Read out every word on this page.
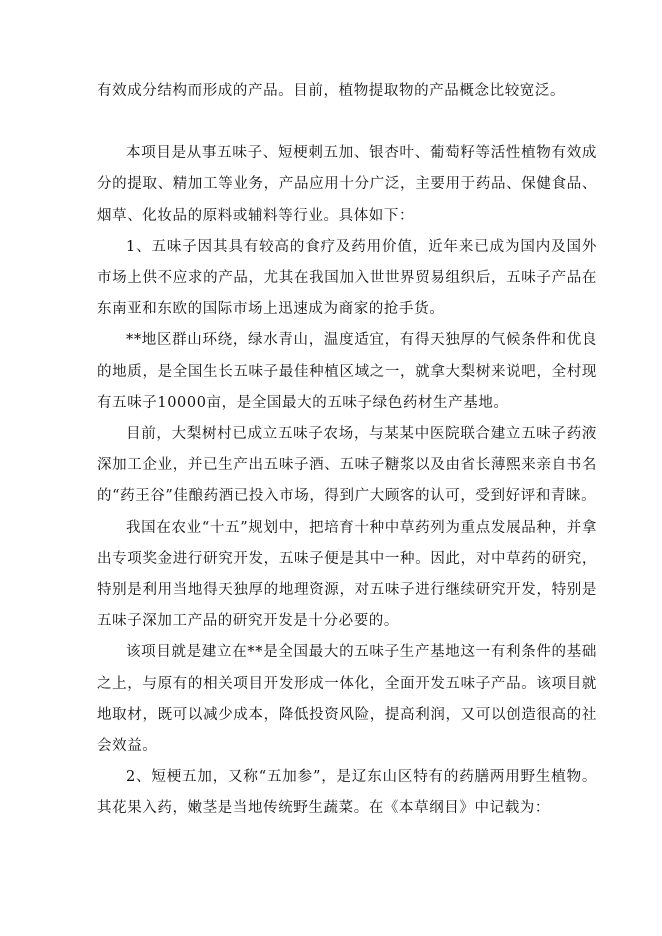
有效成分结构而形成的产品。目前，植物提取物的产品概念比较宽泛。

本项目是从事五味子、短梗刺五加、银杏叶、葡萄籽等活性植物有效成分的提取、精加工等业务，产品应用十分广泛，主要用于药品、保健食品、烟草、化妆品的原料或辅料等行业。具体如下：

1、五味子因其具有较高的食疗及药用价值，近年来已成为国内及国外市场上供不应求的产品，尤其在我国加入世世界贸易组织后，五味子产品在东南亚和东欧的国际市场上迅速成为商家的抢手货。

**地区群山环绕，绿水青山，温度适宜，有得天独厚的气候条件和优良的地质，是全国生长五味子最佳种植区域之一，就拿大梨树来说吧，全村现有五味子10000亩，是全国最大的五味子绿色药材生产基地。

目前，大梨树村已成立五味子农场，与某某中医院联合建立五味子药液深加工企业，并已生产出五味子酒、五味子糖浆以及由省长薄熙来亲自书名的“药王谷”佳酿药酒已投入市场，得到广大顾客的认可，受到好评和青睐。

我国在农业“十五”规划中，把培育十种中草药列为重点发展品种，并拿出专项奖金进行研究开发，五味子便是其中一种。因此，对中草药的研究，特别是利用当地得天独厚的地理资源，对五味子进行继续研究开发，特别是五味子深加工产品的研究开发是十分必要的。

该项目就是建立在**是全国最大的五味子生产基地这一有利条件的基础之上，与原有的相关项目开发形成一体化，全面开发五味子产品。该项目就地取材，既可以减少成本，降低投资风险，提高利润，又可以创造很高的社会效益。

2、短梗五加，又称“五加参”，是辽东山区特有的药膳两用野生植物。其花果入药，嫩茎是当地传统野生蔬菜。在《本草纲目》中记载为：
